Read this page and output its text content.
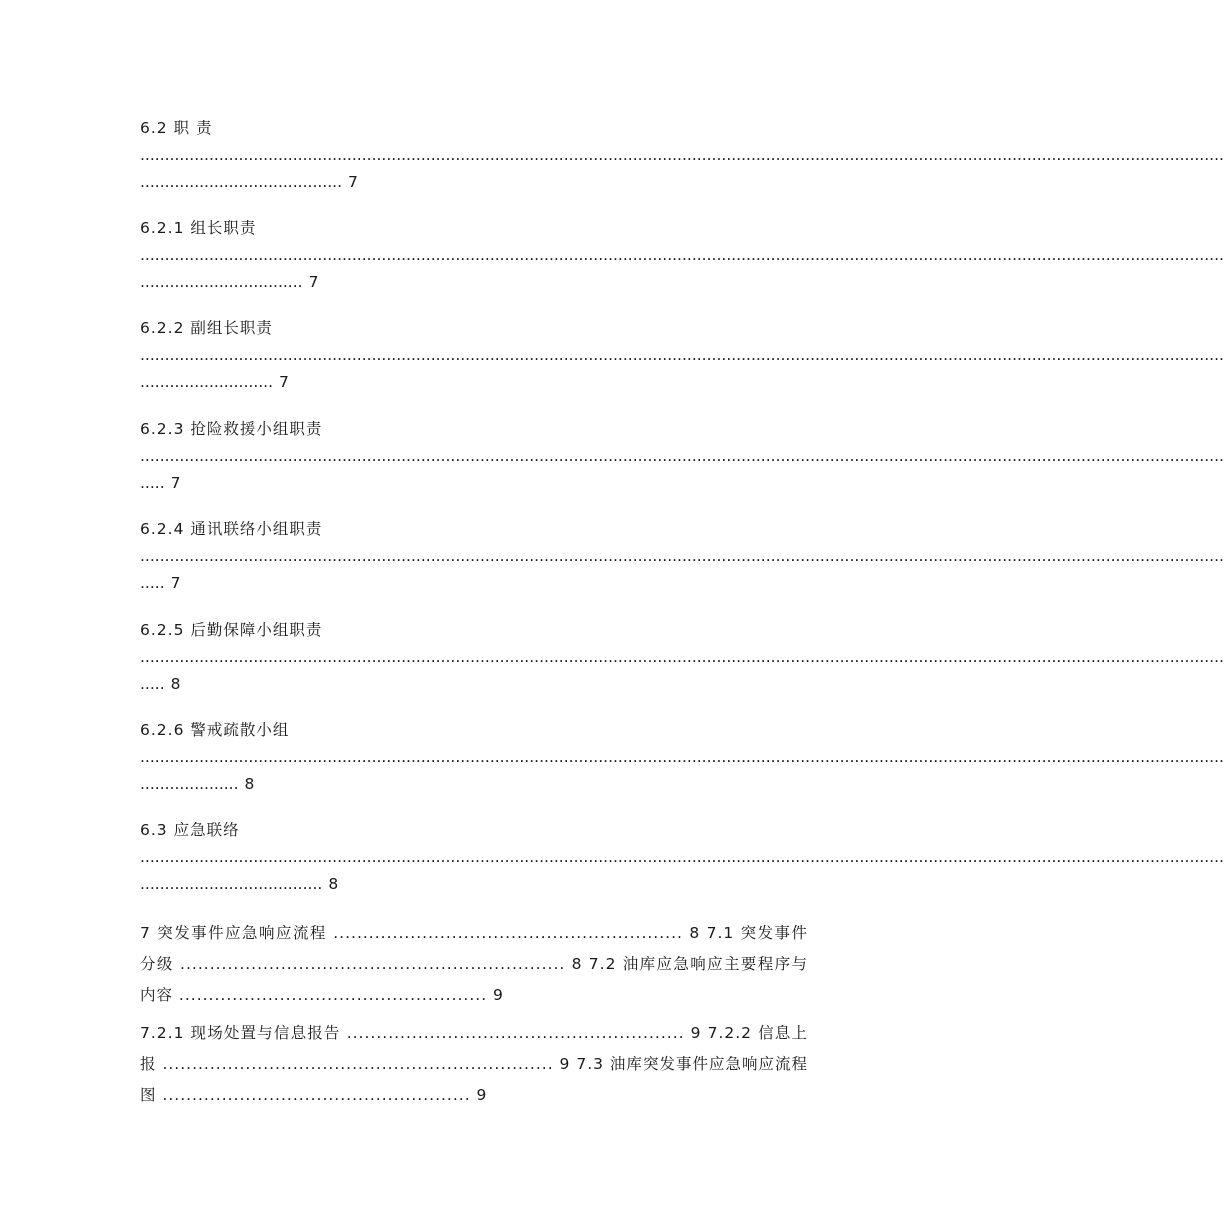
6.2 职 责
............................................................................................................................................................................................................................
......................................... 7
6.2.1 组长职责
............................................................................................................................................................................................................................
................................. 7
6.2.2 副组长职责
............................................................................................................................................................................................................................
........................... 7
6.2.3 抢险救援小组职责
............................................................................................................................................................................................................................
..... 7
6.2.4 通讯联络小组职责
............................................................................................................................................................................................................................
..... 7
6.2.5 后勤保障小组职责
............................................................................................................................................................................................................................
..... 8
6.2.6 警戒疏散小组
............................................................................................................................................................................................................................
.................... 8
6.3 应急联络
............................................................................................................................................................................................................................
..................................... 8
7 突发事件应急响应流程 ........................................................... 8 7.1 突发事件分级 ................................................................. 8 7.2 油库应急响应主要程序与内容 .................................................... 9
7.2.1 现场处置与信息报告 ......................................................... 9 7.2.2 信息上报 .................................................................. 9 7.3 油库突发事件应急响应流程图 .................................................... 9
